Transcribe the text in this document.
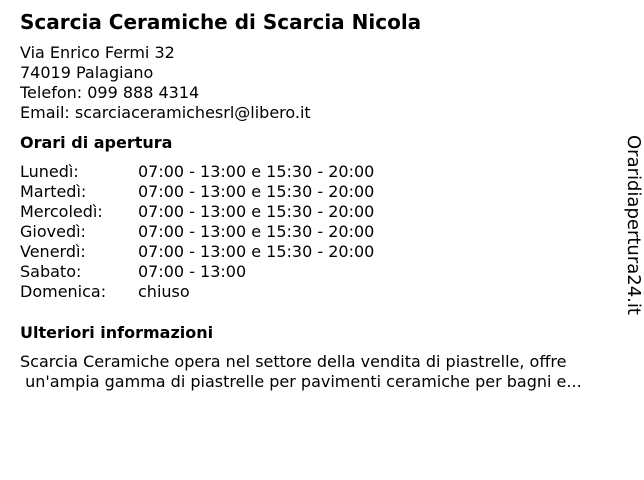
Scarcia Ceramiche di Scarcia Nicola
Via Enrico Fermi 32
74019 Palagiano
Telefon: 099 888 4314
Email: scarciaceramichesrl@libero.it
Orari di apertura
Lunedì:	07:00 - 13:00 e 15:30 - 20:00
Martedì:	07:00 - 13:00 e 15:30 - 20:00
Mercoledì:	07:00 - 13:00 e 15:30 - 20:00
Giovedì:	07:00 - 13:00 e 15:30 - 20:00
Venerdì:	07:00 - 13:00 e 15:30 - 20:00
Sabato:	07:00 - 13:00
Domenica:	chiuso
Ulteriori informazioni
Scarcia Ceramiche opera nel settore della vendita di piastrelle, offre
un'ampia gamma di piastrelle per pavimenti ceramiche per bagni e...
Oraridiapertura24.it
